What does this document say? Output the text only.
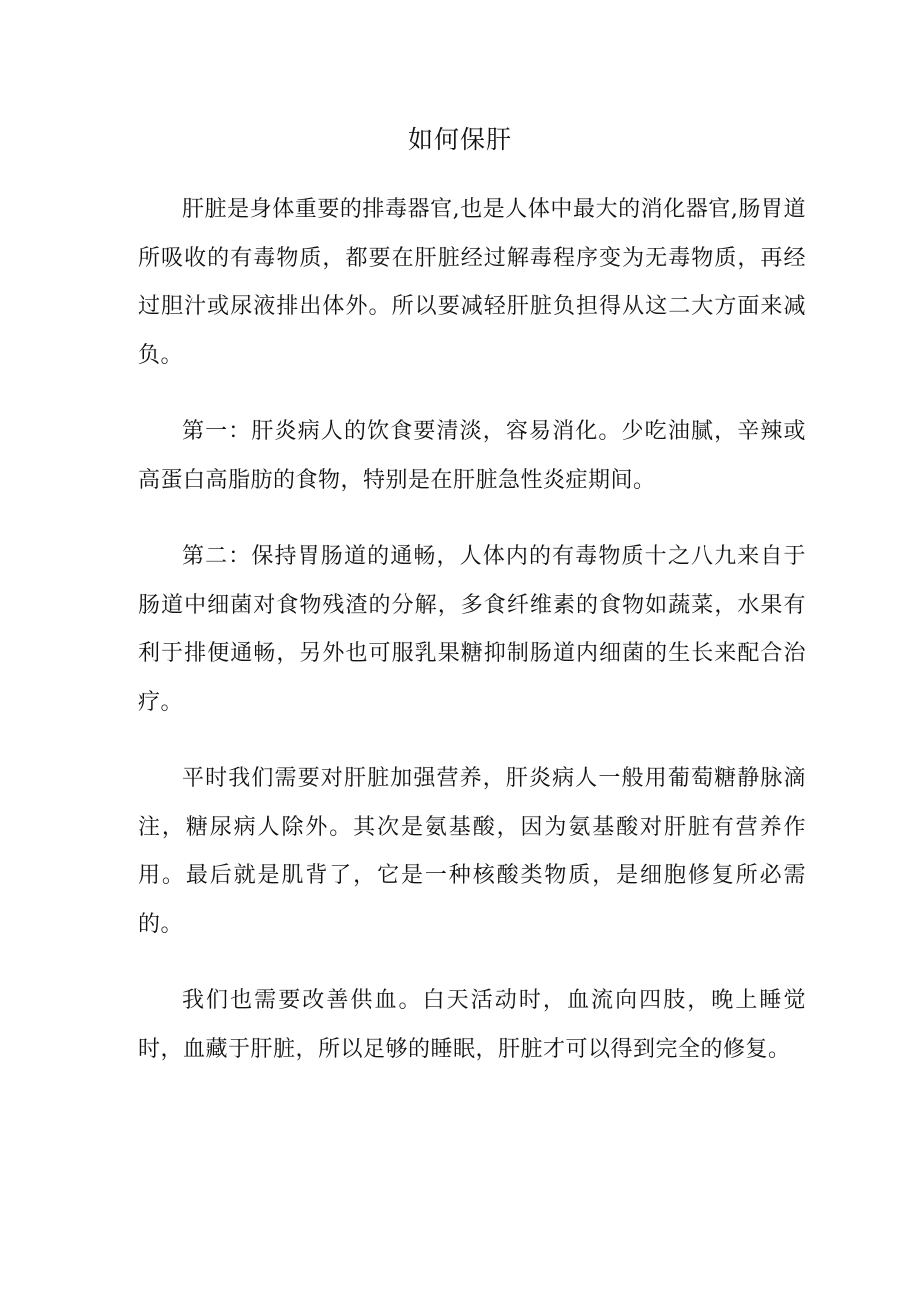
如何保肝

肝脏是身体重要的排毒器官,也是人体中最大的消化器官,肠胃道所吸收的有毒物质，都要在肝脏经过解毒程序变为无毒物质，再经过胆汁或尿液排出体外。所以要减轻肝脏负担得从这二大方面来减负。

第一：肝炎病人的饮食要清淡，容易消化。少吃油腻，辛辣或高蛋白高脂肪的食物，特别是在肝脏急性炎症期间。

第二：保持胃肠道的通畅，人体内的有毒物质十之八九来自于肠道中细菌对食物残渣的分解，多食纤维素的食物如蔬菜，水果有利于排便通畅，另外也可服乳果糖抑制肠道内细菌的生长来配合治疗。

平时我们需要对肝脏加强营养，肝炎病人一般用葡萄糖静脉滴注，糖尿病人除外。其次是氨基酸，因为氨基酸对肝脏有营养作用。最后就是肌背了，它是一种核酸类物质，是细胞修复所必需的。

我们也需要改善供血。白天活动时，血流向四肢，晚上睡觉时，血藏于肝脏，所以足够的睡眠，肝脏才可以得到完全的修复。
